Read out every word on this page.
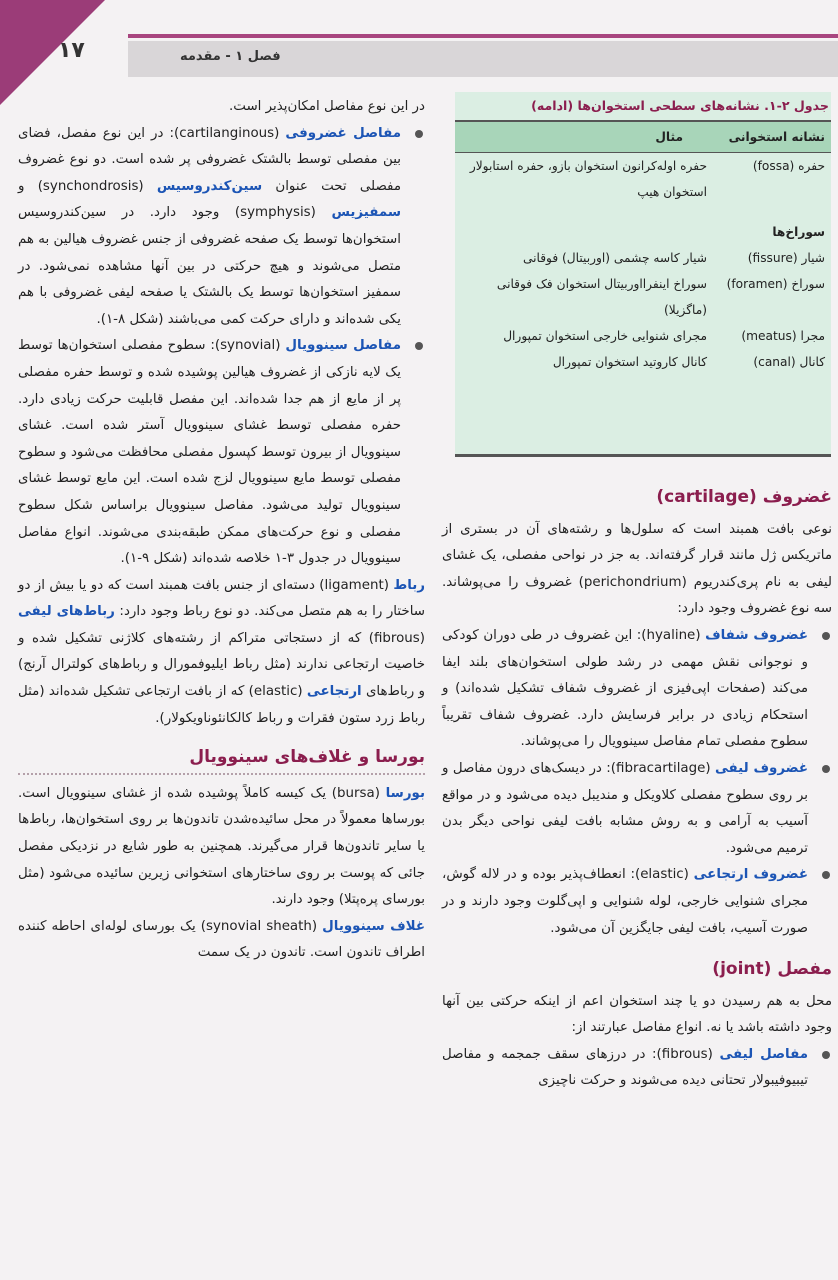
۱۷	فصل ۱ - مقدمه
جدول ۲-۱. نشانه‌های سطحی استخوان‌ها (ادامه)
نشانه استخوانی
مثال
حفره (fossa)
حفره اوله‌کرانون استخوان بازو، حفره استابولار استخوان هیپ
سوراخ‌ها
شیار (fissure)
شیار کاسه چشمی (اوربیتال) فوقانی
سوراخ (foramen)
سوراخ اینفرااوربیتال استخوان فک فوقانی (ماگزیلا)
مجرا (meatus)
مجرای شنوایی خارجی استخوان تمپورال
کانال (canal)
کانال کاروتید استخوان تمپورال

در این نوع مفاصل امکان‌پذیر است.

مفاصل غضروفی (cartilanginous): در این نوع مفصل، فضای بین مفصلی توسط بالشتک غضروفی پر شده است. دو نوع غضروف مفصلی تحت عنوان سین‌کندروسیس (synchondrosis) و سمفیزیس (symphysis) وجود دارد. در سین‌کندروسیس استخوان‌ها توسط یک صفحه غضروفی از جنس غضروف هیالین به هم متصل می‌شوند و هیچ حرکتی در بین آنها مشاهده نمی‌شود. در سمفیز استخوان‌ها توسط یک بالشتک یا صفحه لیفی غضروفی با هم یکی شده‌اند و دارای حرکت کمی می‌باشند (شکل ۸-۱).

مفاصل سینوویال (synovial): سطوح مفصلی استخوان‌ها توسط یک لایه نازکی از غضروف هیالین پوشیده شده و توسط حفره مفصلی پر از مایع از هم جدا شده‌اند. این مفصل قابلیت حرکت زیادی دارد. حفره مفصلی توسط غشای سینوویال آستر شده است. غشای سینوویال از بیرون توسط کپسول مفصلی محافظت می‌شود و سطوح مفصلی توسط مایع سینوویال لزج شده است. این مایع توسط غشای سینوویال تولید می‌شود. مفاصل سینوویال براساس شکل سطوح مفصلی و نوع حرکت‌های ممکن طبقه‌بندی می‌شوند. انواع مفاصل سینوویال در جدول ۳-۱ خلاصه شده‌اند (شکل ۹-۱).

رباط (ligament) دسته‌ای از جنس بافت همبند است که دو یا بیش از دو ساختار را به هم متصل می‌کند. دو نوع رباط وجود دارد: رباط‌های لیفی (fibrous) که از دستجاتی متراکم از رشته‌های کلاژنی تشکیل شده و خاصیت ارتجاعی ندارند (مثل رباط ایلیوفمورال و رباط‌های کولترال آرنج) و رباط‌های ارتجاعی (elastic) که از بافت ارتجاعی تشکیل شده‌اند (مثل رباط زرد ستون فقرات و رباط کالکانئوناویکولار).

بورسا و غلاف‌های سینوویال

بورسا (bursa) یک کیسه کاملاً پوشیده شده از غشای سینوویال است. بورساها معمولاً در محل سائیده‌شدن تاندون‌ها بر روی استخوان‌ها، رباط‌ها یا سایر تاندون‌ها قرار می‌گیرند. همچنین به طور شایع در نزدیکی مفصل جائی که پوست بر روی ساختارهای استخوانی زیرین سائیده می‌شود (مثل بورسای پره‌پتلا) وجود دارند.

غلاف سینوویال (synovial sheath) یک بورسای لوله‌ای احاطه کننده اطراف تاندون است. تاندون در یک سمت

غضروف (cartilage)

نوعی بافت همبند است که سلول‌ها و رشته‌های آن در بستری از ماتریکس ژل مانند قرار گرفته‌اند. به جز در نواحی مفصلی، یک غشای لیفی به نام پری‌کندریوم (perichondrium) غضروف را می‌پوشاند. سه نوع غضروف وجود دارد:

غضروف شفاف (hyaline): این غضروف در طی دوران کودکی و نوجوانی نقش مهمی در رشد طولی استخوان‌های بلند ایفا می‌کند (صفحات اپی‌فیزی از غضروف شفاف تشکیل شده‌اند) و استحکام زیادی در برابر فرسایش دارد. غضروف شفاف تقریباً سطوح مفصلی تمام مفاصل سینوویال را می‌پوشاند.

غضروف لیفی (fibracartilage): در دیسک‌های درون مفاصل و بر روی سطوح مفصلی کلاویکل و مندیبل دیده می‌شود و در مواقع آسیب به آرامی و به روش مشابه بافت لیفی نواحی دیگر بدن ترمیم می‌شود.

غضروف ارتجاعی (elastic): انعطاف‌پذیر بوده و در لاله گوش، مجرای شنوایی خارجی، لوله شنوایی و اپی‌گلوت وجود دارند و در صورت آسیب، بافت لیفی جایگزین آن می‌شود.

مفصل (joint)

محل به هم رسیدن دو یا چند استخوان اعم از اینکه حرکتی بین آنها وجود داشته باشد یا نه. انواع مفاصل عبارتند از:

مفاصل لیفی (fibrous): در درزهای سقف جمجمه و مفاصل تیبیوفیبولار تحتانی دیده می‌شوند و حرکت ناچیزی
